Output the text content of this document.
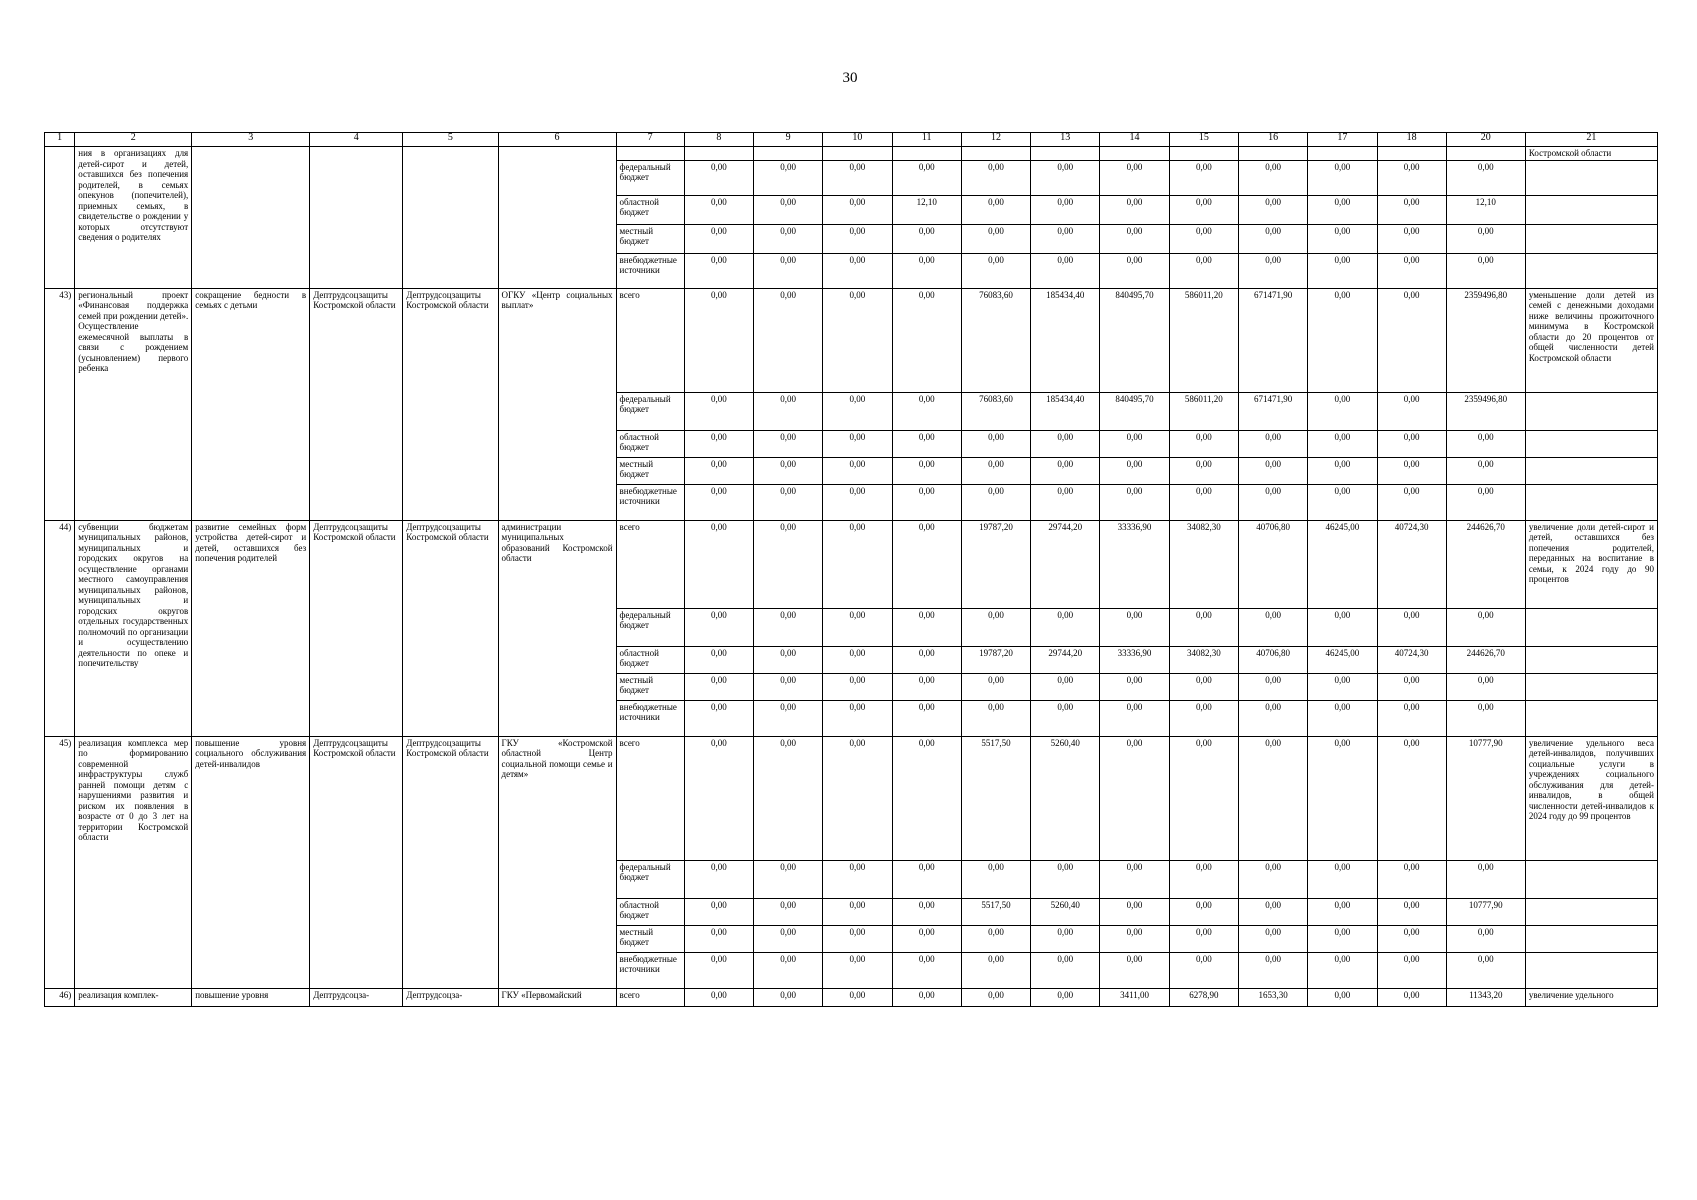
30
1	2	3	4	5	6	7	8	9	10	11	12	13	14	15	16	17	18	20	21
	ния в организациях для детей-сирот и детей, оставшихся без попечения родителей, в семьях опекунов (попечителей), приемных семьях, в свидетельстве о рождении у которых отсутствуют сведения о родителях																		Костромской области
						федеральный бюджет	0,00	0,00	0,00	0,00	0,00	0,00	0,00	0,00	0,00	0,00	0,00	0,00	
						областной бюджет	0,00	0,00	0,00	12,10	0,00	0,00	0,00	0,00	0,00	0,00	0,00	12,10	
						местный бюджет	0,00	0,00	0,00	0,00	0,00	0,00	0,00	0,00	0,00	0,00	0,00	0,00	
						внебюджетные источники	0,00	0,00	0,00	0,00	0,00	0,00	0,00	0,00	0,00	0,00	0,00	0,00	
43)	региональный проект «Финансовая поддержка семей при рождении детей». Осуществление ежемесячной выплаты в связи с рождением (усыновлением) первого ребенка	сокращение бедности в семьях с детьми	Дептрудсоцзащиты Костромской области	Дептрудсоцзащиты Костромской области	ОГКУ «Центр социальных выплат»	всего	0,00	0,00	0,00	0,00	76083,60	185434,40	840495,70	586011,20	671471,90	0,00	0,00	2359496,80	уменьшение доли детей из семей с денежными доходами ниже величины прожиточного минимума в Костромской области до 20 процентов от общей численности детей Костромской области
						федеральный бюджет	0,00	0,00	0,00	0,00	76083,60	185434,40	840495,70	586011,20	671471,90	0,00	0,00	2359496,80	
						областной бюджет	0,00	0,00	0,00	0,00	0,00	0,00	0,00	0,00	0,00	0,00	0,00	0,00	
						местный бюджет	0,00	0,00	0,00	0,00	0,00	0,00	0,00	0,00	0,00	0,00	0,00	0,00	
						внебюджетные источники	0,00	0,00	0,00	0,00	0,00	0,00	0,00	0,00	0,00	0,00	0,00	0,00	
44)	субвенции бюджетам муниципальных районов, муниципальных и городских округов на осуществление органами местного самоуправления муниципальных районов, муниципальных и городских округов отдельных государственных полномочий по организации и осуществлению деятельности по опеке и попечительству	развитие семейных форм устройства детей-сирот и детей, оставшихся без попечения родителей	Дептрудсоцзащиты Костромской области	Дептрудсоцзащиты Костромской области	администрации муниципальных образований Костромской области	всего	0,00	0,00	0,00	0,00	19787,20	29744,20	33336,90	34082,30	40706,80	46245,00	40724,30	244626,70	увеличение доли детей-сирот и детей, оставшихся без попечения родителей, переданных на воспитание в семьи, к 2024 году до 90 процентов
						федеральный бюджет	0,00	0,00	0,00	0,00	0,00	0,00	0,00	0,00	0,00	0,00	0,00	0,00	
						областной бюджет	0,00	0,00	0,00	0,00	19787,20	29744,20	33336,90	34082,30	40706,80	46245,00	40724,30	244626,70	
						местный бюджет	0,00	0,00	0,00	0,00	0,00	0,00	0,00	0,00	0,00	0,00	0,00	0,00	
						внебюджетные источники	0,00	0,00	0,00	0,00	0,00	0,00	0,00	0,00	0,00	0,00	0,00	0,00	
45)	реализация комплекса мер по формированию современной инфраструктуры служб ранней помощи детям с нарушениями развития и риском их появления в возрасте от 0 до 3 лет на территории Костромской области	повышение уровня социального обслуживания детей-инвалидов	Дептрудсоцзащиты Костромской области	Дептрудсоцзащиты Костромской области	ГКУ «Костромской областной Центр социальной помощи семье и детям»	всего	0,00	0,00	0,00	0,00	5517,50	5260,40	0,00	0,00	0,00	0,00	0,00	10777,90	увеличение удельного веса детей-инвалидов, получивших социальные услуги в учреждениях социального обслуживания для детей-инвалидов, в общей численности детей-инвалидов к 2024 году до 99 процентов
						федеральный бюджет	0,00	0,00	0,00	0,00	0,00	0,00	0,00	0,00	0,00	0,00	0,00	0,00	
						областной бюджет	0,00	0,00	0,00	0,00	5517,50	5260,40	0,00	0,00	0,00	0,00	0,00	10777,90	
						местный бюджет	0,00	0,00	0,00	0,00	0,00	0,00	0,00	0,00	0,00	0,00	0,00	0,00	
						внебюджетные источники	0,00	0,00	0,00	0,00	0,00	0,00	0,00	0,00	0,00	0,00	0,00	0,00	
46)	реализация комплек-	повышение уровня	Дептрудсоцза-	Дептрудсоцза-	ГКУ «Первомайский	всего	0,00	0,00	0,00	0,00	0,00	0,00	3411,00	6278,90	1653,30	0,00	0,00	11343,20	увеличение удельного
